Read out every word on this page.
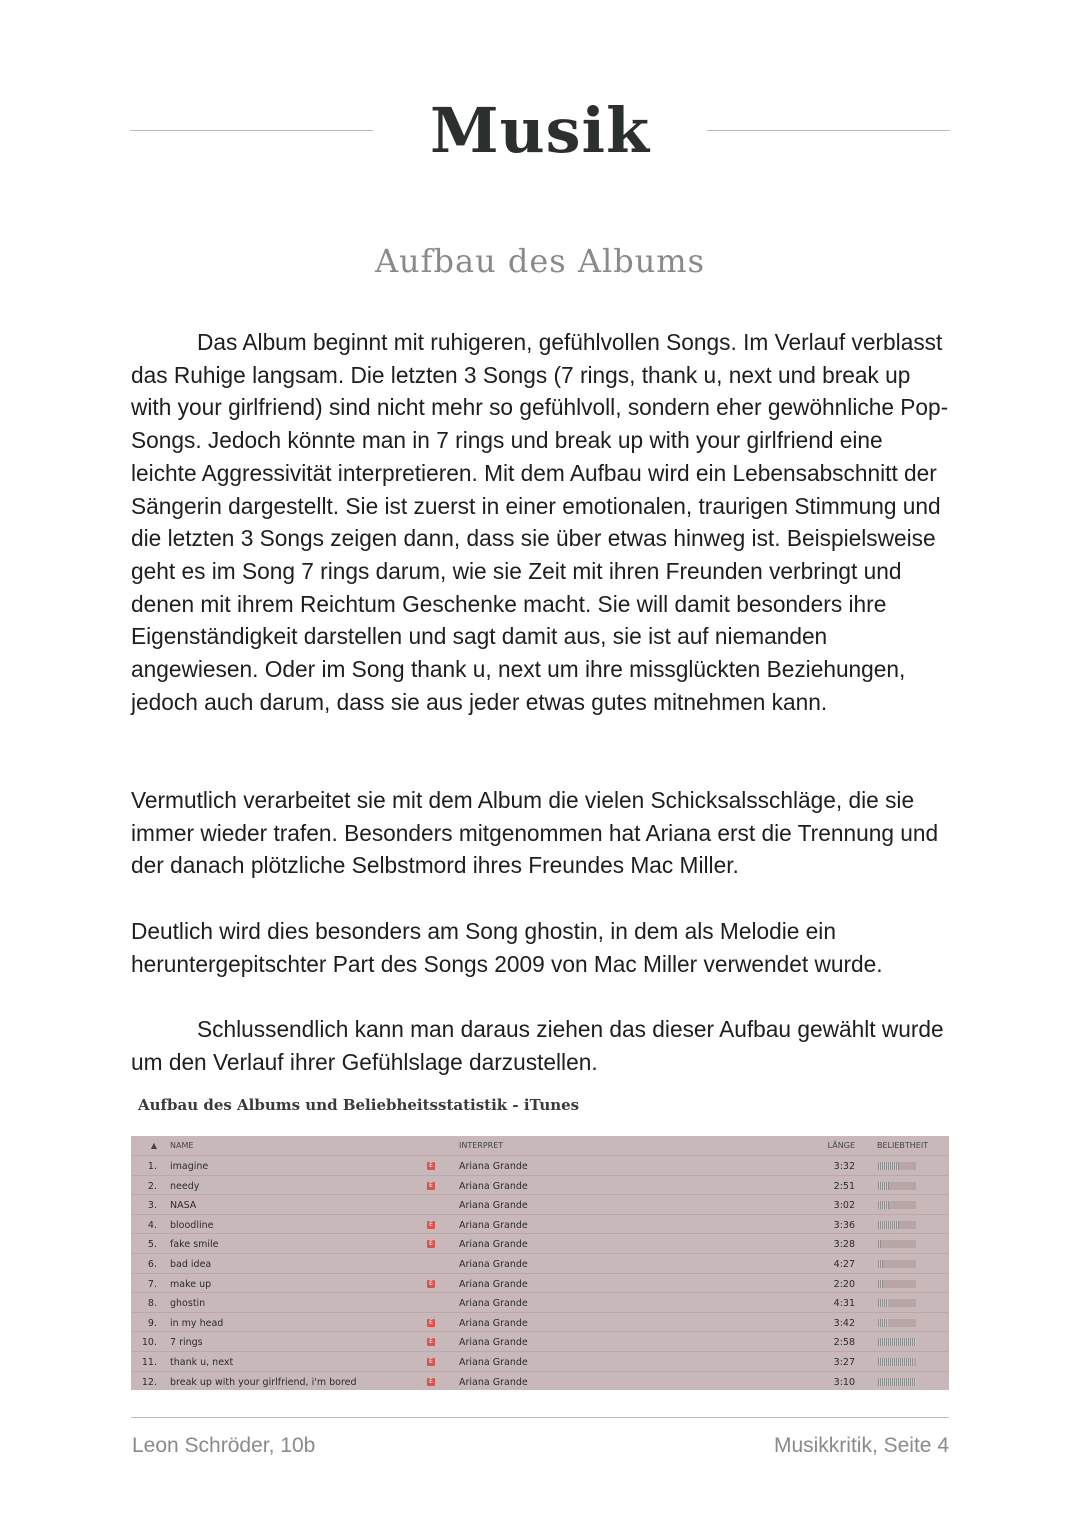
Musik
Aufbau des Albums

Das Album beginnt mit ruhigeren, gefühlvollen Songs. Im Verlauf verblasst das Ruhige langsam. Die letzten 3 Songs (7 rings, thank u, next und break up with your girlfriend) sind nicht mehr so gefühlvoll, sondern eher gewöhnliche Pop-Songs. Jedoch könnte man in 7 rings und break up with your girlfriend eine leichte Aggressivität interpretieren. Mit dem Aufbau wird ein Lebensabschnitt der Sängerin dargestellt. Sie ist zuerst in einer emotionalen, traurigen Stimmung und die letzten 3 Songs zeigen dann, dass sie über etwas hinweg ist. Beispielsweise geht es im Song 7 rings darum, wie sie Zeit mit ihren Freunden verbringt und denen mit ihrem Reichtum Geschenke macht. Sie will damit besonders ihre Eigenständigkeit darstellen und sagt damit aus, sie ist auf niemanden angewiesen. Oder im Song thank u, next um ihre missglückten Beziehungen, jedoch auch darum, dass sie aus jeder etwas gutes mitnehmen kann.

Vermutlich verarbeitet sie mit dem Album die vielen Schicksalsschläge, die sie immer wieder trafen. Besonders mitgenommen hat Ariana erst die Trennung und der danach plötzliche Selbstmord ihres Freundes Mac Miller.

Deutlich wird dies besonders am Song ghostin, in dem als Melodie ein heruntergepitschter Part des Songs 2009 von Mac Miller verwendet wurde.

Schlussendlich kann man daraus ziehen das dieser Aufbau gewählt wurde um den Verlauf ihrer Gefühlslage darzustellen.

Aufbau des Albums und Beliebheitsstatistik - iTunes
▲ NAME	INTERPRET	LÄNGE	BELIEBTHEIT
1. imagine	E	Ariana Grande	3:32
2. needy	E	Ariana Grande	2:51
3. NASA	Ariana Grande	3:02
4. bloodline	E	Ariana Grande	3:36
5. fake smile	E	Ariana Grande	3:28
6. bad idea	Ariana Grande	4:27
7. make up	E	Ariana Grande	2:20
8. ghostin	Ariana Grande	4:31
9. in my head	E	Ariana Grande	3:42
10. 7 rings	E	Ariana Grande	2:58
11. thank u, next	E	Ariana Grande	3:27
12. break up with your girlfriend, i'm bored	E	Ariana Grande	3:10
Leon Schröder, 10b	Musikkritik, Seite 4
